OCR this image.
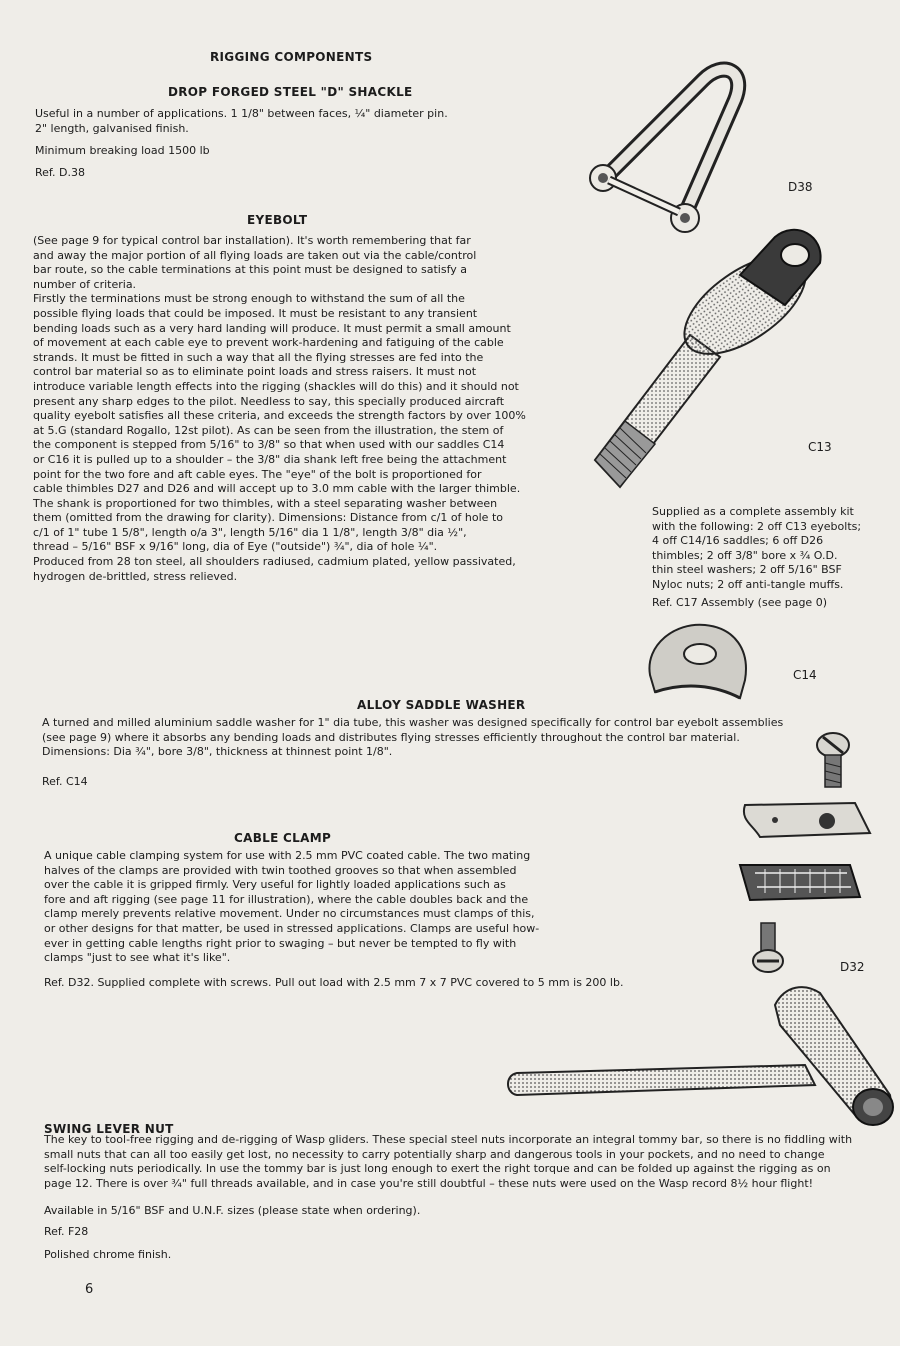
RIGGING COMPONENTS
DROP FORGED STEEL "D" SHACKLE
Useful in a number of applications. 1 1/8" between faces, ¼" diameter pin.
2" length, galvanised finish.
Minimum breaking load 1500 lb
Ref. D.38
D38
EYEBOLT
(See page 9 for typical control bar installation). It's worth remembering that far
and away the major portion of all flying loads are taken out via the cable/control
bar route, so the cable terminations at this point must be designed to satisfy a
number of criteria.
Firstly the terminations must be strong enough to withstand the sum of all the
possible flying loads that could be imposed. It must be resistant to any transient
bending loads such as a very hard landing will produce. It must permit a small amount
of movement at each cable eye to prevent work-hardening and fatiguing of the cable
strands. It must be fitted in such a way that all the flying stresses are fed into the
control bar material so as to eliminate point loads and stress raisers. It must not
introduce variable length effects into the rigging (shackles will do this) and it should not
present any sharp edges to the pilot. Needless to say, this specially produced aircraft
quality eyebolt satisfies all these criteria, and exceeds the strength factors by over 100%
at 5.G (standard Rogallo, 12st pilot). As can be seen from the illustration, the stem of
the component is stepped from 5/16" to 3/8" so that when used with our saddles C14
or C16 it is pulled up to a shoulder – the 3/8" dia shank left free being the attachment
point for the two fore and aft cable eyes. The "eye" of the bolt is proportioned for
cable thimbles D27 and D26 and will accept up to 3.0 mm cable with the larger thimble.
The shank is proportioned for two thimbles, with a steel separating washer between
them (omitted from the drawing for clarity). Dimensions: Distance from c/1 of hole to
c/1 of 1" tube 1 5/8", length o/a 3", length 5/16" dia 1 1/8", length 3/8" dia ½",
thread – 5/16" BSF x 9/16" long, dia of Eye ("outside") ¾", dia of hole ¼".
Produced from 28 ton steel, all shoulders radiused, cadmium plated, yellow passivated,
hydrogen de-brittled, stress relieved.
C13
Supplied as a complete assembly kit
with the following: 2 off C13 eyebolts;
4 off C14/16 saddles; 6 off D26
thimbles; 2 off 3/8" bore x ¾ O.D.
thin steel washers; 2 off 5/16" BSF
Nyloc nuts; 2 off anti-tangle muffs.
Ref. C17 Assembly (see page 0)
C14
ALLOY SADDLE WASHER
A turned and milled aluminium saddle washer for 1" dia tube, this washer was designed specifically for control bar eyebolt assemblies
(see page 9) where it absorbs any bending loads and distributes flying stresses efficiently throughout the control bar material.
Dimensions: Dia ¾", bore 3/8", thickness at thinnest point 1/8".
Ref. C14
CABLE CLAMP
A unique cable clamping system for use with 2.5 mm PVC coated cable. The two mating
halves of the clamps are provided with twin toothed grooves so that when assembled
over the cable it is gripped firmly. Very useful for lightly loaded applications such as
fore and aft rigging (see page 11 for illustration), where the cable doubles back and the
clamp merely prevents relative movement. Under no circumstances must clamps of this,
or other designs for that matter, be used in stressed applications. Clamps are useful how-
ever in getting cable lengths right prior to swaging – but never be tempted to fly with
clamps "just to see what it's like".
Ref. D32. Supplied complete with screws. Pull out load with 2.5 mm 7 x 7 PVC covered to 5 mm is 200 lb.
D32
SWING LEVER NUT
The key to tool-free rigging and de-rigging of Wasp gliders. These special steel nuts incorporate an integral tommy bar, so there is no fiddling with
small nuts that can all too easily get lost, no necessity to carry potentially sharp and dangerous tools in your pockets, and no need to change
self-locking nuts periodically. In use the tommy bar is just long enough to exert the right torque and can be folded up against the rigging as on
page 12. There is over ¾" full threads available, and in case you're still doubtful – these nuts were used on the Wasp record 8½ hour flight!
Available in 5/16" BSF and U.N.F. sizes (please state when ordering).
Ref. F28
Polished chrome finish.
6
